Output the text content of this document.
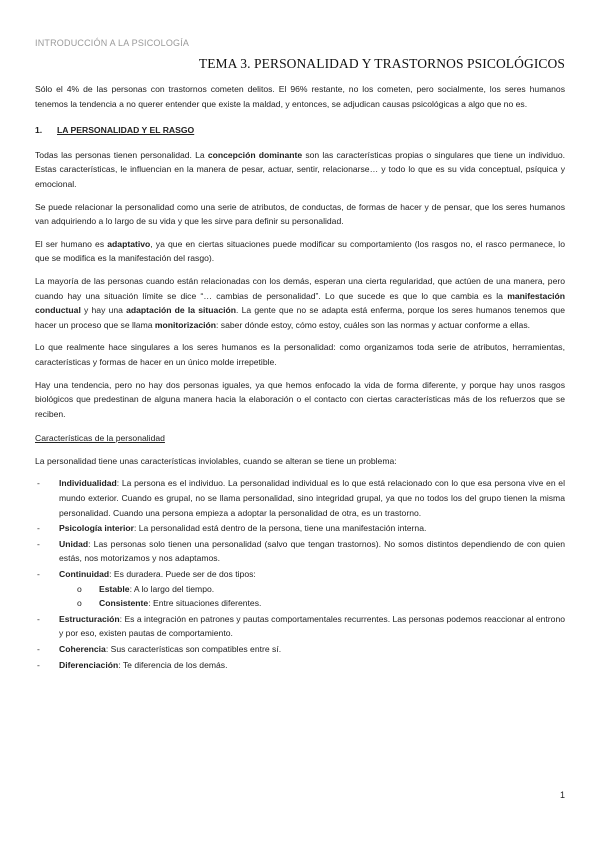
INTRODUCCIÓN A LA PSICOLOGÍA
TEMA 3. PERSONALIDAD Y TRASTORNOS PSICOLÓGICOS

Sólo el 4% de las personas con trastornos cometen delitos. El 96% restante, no los cometen, pero socialmente, los seres humanos tenemos la tendencia a no querer entender que existe la maldad, y entonces, se adjudican causas psicológicas a algo que no es.

1.	LA PERSONALIDAD Y EL RASGO

Todas las personas tienen personalidad. La concepción dominante son las características propias o singulares que tiene un individuo. Estas características, le influencian en la manera de pesar, actuar, sentir, relacionarse… y todo lo que es su vida conceptual, psíquica y emocional.

Se puede relacionar la personalidad como una serie de atributos, de conductas, de formas de hacer y de pensar, que los seres humanos van adquiriendo a lo largo de su vida y que les sirve para definir su personalidad.

El ser humano es adaptativo, ya que en ciertas situaciones puede modificar su comportamiento (los rasgos no, el rasco permanece, lo que se modifica es la manifestación del rasgo).

La mayoría de las personas cuando están relacionadas con los demás, esperan una cierta regularidad, que actúen de una manera, pero cuando hay una situación límite se dice “… cambias de personalidad”. Lo que sucede es que lo que cambia es la manifestación conductual y hay una adaptación de la situación. La gente que no se adapta está enferma, porque los seres humanos tenemos que hacer un proceso que se llama monitorización: saber dónde estoy, cómo estoy, cuáles son las normas y actuar conforme a ellas.

Lo que realmente hace singulares a los seres humanos es la personalidad: como organizamos toda serie de atributos, herramientas, características y formas de hacer en un único molde irrepetible.

Hay una tendencia, pero no hay dos personas iguales, ya que hemos enfocado la vida de forma diferente, y porque hay unos rasgos biológicos que predestinan de alguna manera hacia la elaboración o el contacto con ciertas características más de los refuerzos que se reciben.

Características de la personalidad

La personalidad tiene unas características inviolables, cuando se alteran se tiene un problema:

- Individualidad: La persona es el individuo. La personalidad individual es lo que está relacionado con lo que esa persona vive en el mundo exterior. Cuando es grupal, no se llama personalidad, sino integridad grupal, ya que no todos los del grupo tienen la misma personalidad. Cuando una persona empieza a adoptar la personalidad de otra, es un trastorno.
- Psicología interior: La personalidad está dentro de la persona, tiene una manifestación interna.
- Unidad: Las personas solo tienen una personalidad (salvo que tengan trastornos). No somos distintos dependiendo de con quien estás, nos motorizamos y nos adaptamos.
- Continuidad: Es duradera. Puede ser de dos tipos:
o Estable: A lo largo del tiempo.
o Consistente: Entre situaciones diferentes.
- Estructuración: Es a integración en patrones y pautas comportamentales recurrentes. Las personas podemos reaccionar al entrono y por eso, existen pautas de comportamiento.
- Coherencia: Sus características son compatibles entre sí.
- Diferenciación: Te diferencia de los demás.
1
